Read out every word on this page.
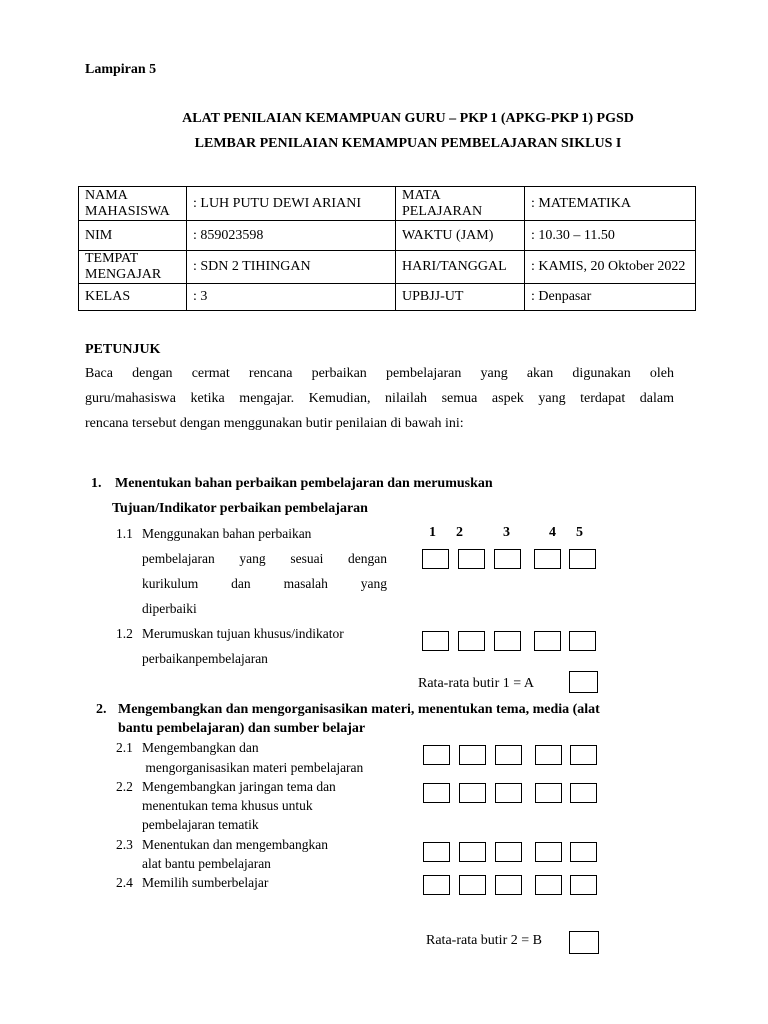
Lampiran 5
ALAT PENILAIAN KEMAMPUAN GURU – PKP 1 (APKG-PKP 1) PGSD
LEMBAR PENILAIAN KEMAMPUAN PEMBELAJARAN SIKLUS I
NAMA MAHASISWA	: LUH PUTU DEWI ARIANI	MATA PELAJARAN	: MATEMATIKA
NIM	: 859023598	WAKTU (JAM)	: 10.30 – 11.50
TEMPAT MENGAJAR	: SDN 2 TIHINGAN	HARI/TANGGAL	: KAMIS, 20 Oktober 2022
KELAS	: 3	UPBJJ-UT	: Denpasar
PETUNJUK
Baca dengan cermat rencana perbaikan pembelajaran yang akan digunakan oleh
guru/mahasiswa ketika mengajar. Kemudian, nilailah semua aspek yang terdapat dalam
rencana tersebut dengan menggunakan butir penilaian di bawah ini:
1. Menentukan bahan perbaikan pembelajaran dan merumuskan
Tujuan/Indikator perbaikan pembelajaran
1 2	3	4 5
1.1 Menggunakan bahan perbaikan
pembelajaran yang sesuai dengan
kurikulum dan masalah yang
diperbaiki
1.2 Merumuskan tujuan khusus/indikator
perbaikanpembelajaran
Rata-rata butir 1 = A
2. Mengembangkan dan mengorganisasikan materi, menentukan tema, media (alat
bantu pembelajaran) dan sumber belajar
2.1 Mengembangkan dan
mengorganisasikan materi pembelajaran
2.2 Mengembangkan jaringan tema dan
menentukan tema khusus untuk
pembelajaran tematik
2.3 Menentukan dan mengembangkan
alat bantu pembelajaran
2.4 Memilih sumberbelajar
Rata-rata butir 2 = B
